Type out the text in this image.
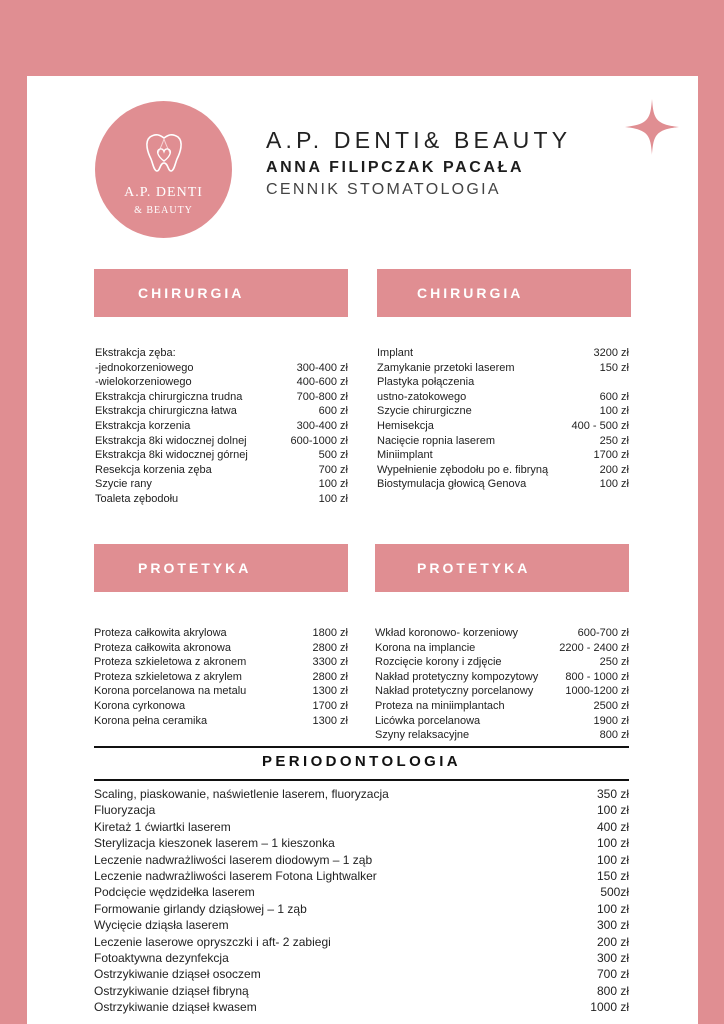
A.P. DENTI
& BEAUTY
A.P. DENTI& BEAUTY
ANNA FILIPCZAK PACAŁA
CENNIK STOMATOLOGIA
CHIRURGIA	CHIRURGIA
PROTETYKA	PROTETYKA
Ekstrakcja zęba:
-jednokorzeniowego	300-400 zł
-wielokorzeniowego	400-600 zł
Ekstrakcja chirurgiczna trudna	700-800 zł
Ekstrakcja chirurgiczna łatwa	600 zł
Ekstrakcja korzenia	300-400 zł
Ekstrakcja 8ki widocznej dolnej	600-1000 zł
Ekstrakcja 8ki widocznej górnej	500 zł
Resekcja korzenia zęba	700 zł
Szycie rany	100 zł
Toaleta zębodołu	100 zł
Implant	3200 zł
Zamykanie przetoki laserem	150 zł
Plastyka połączenia
ustno-zatokowego	600 zł
Szycie chirurgiczne	100 zł
Hemisekcja	400 - 500 zł
Nacięcie ropnia laserem	250 zł
Miniimplant	1700 zł
Wypełnienie zębodołu po e. fibryną	200 zł
Biostymulacja głowicą Genova	100 zł
Proteza całkowita akrylowa	1800 zł
Proteza całkowita akronowa	2800 zł
Proteza szkieletowa z akronem	3300 zł
Proteza szkieletowa z akrylem	2800 zł
Korona porcelanowa na metalu	1300 zł
Korona cyrkonowa	1700 zł
Korona pełna ceramika	1300 zł
Wkład koronowo- korzeniowy	600-700 zł
Korona na implancie	2200 - 2400 zł
Rozcięcie korony i zdjęcie	250 zł
Nakład protetyczny kompozytowy	800 - 1000 zł
Nakład protetyczny porcelanowy	1000-1200 zł
Proteza na miniimplantach	2500 zł
Licówka porcelanowa	1900 zł
Szyny relaksacyjne	800 zł
PERIODONTOLOGIA
Scaling, piaskowanie, naświetlenie laserem, fluoryzacja	350 zł
Fluoryzacja	100 zł
Kiretaż 1 ćwiartki laserem	400 zł
Sterylizacja kieszonek laserem – 1 kieszonka	100 zł
Leczenie nadwrażliwości laserem diodowym – 1 ząb	100 zł
Leczenie nadwrażliwości laserem Fotona Lightwalker	150 zł
Podcięcie wędzidełka laserem	500zł
Formowanie girlandy dziąsłowej – 1 ząb	100 zł
Wycięcie dziąsła laserem	300 zł
Leczenie laserowe opryszczki i aft- 2 zabiegi	200 zł
Fotoaktywna dezynfekcja	300 zł
Ostrzykiwanie dziąseł osoczem	700 zł
Ostrzykiwanie dziąseł fibryną	800 zł
Ostrzykiwanie dziąseł kwasem	1000 zł
